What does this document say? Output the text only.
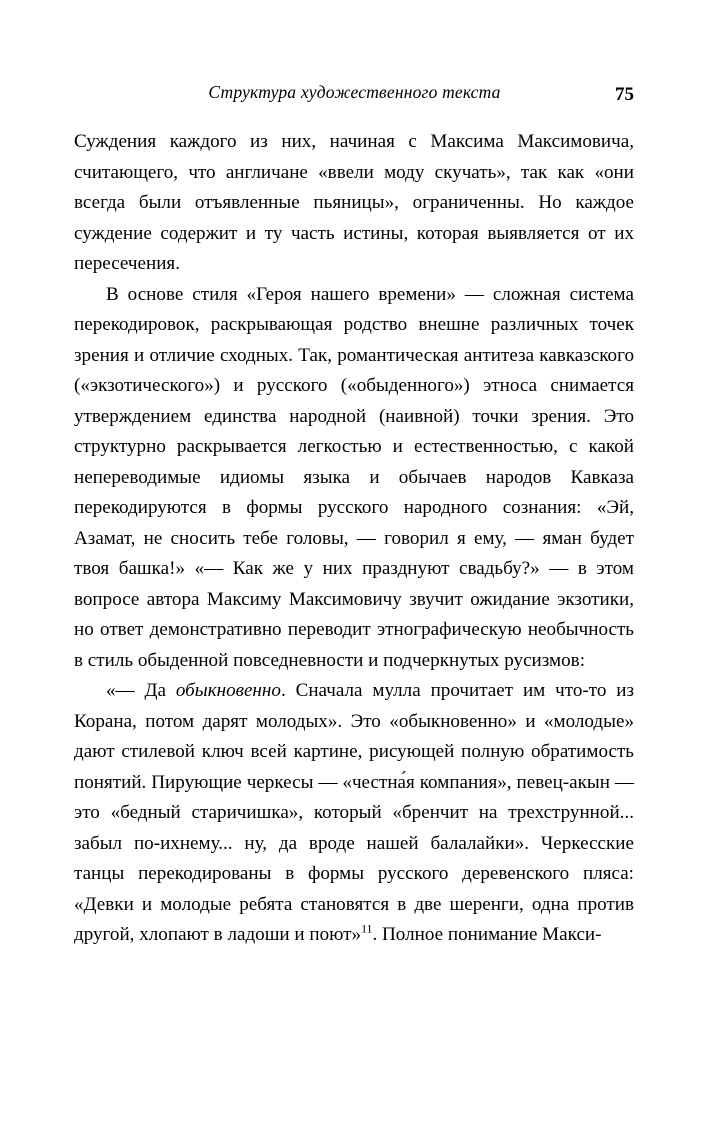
Структура художественного текста	75

Суждения каждого из них, начиная с Максима Максимовича, считающего, что англичане «ввели моду скучать», так как «они всегда были отъявленные пьяницы», ограниченны. Но каждое суждение содержит и ту часть истины, которая выявляется от их пересечения.

В основе стиля «Героя нашего времени» — сложная система перекодировок, раскрывающая родство внешне различных точек зрения и отличие сходных. Так, романтическая антитеза кавказского («экзотического») и русского («обыденного») этноса снимается утверждением единства народной (наивной) точки зрения. Это структурно раскрывается легкостью и естественностью, с какой непереводимые идиомы языка и обычаев народов Кавказа перекодируются в формы русского народного сознания: «Эй, Азамат, не сносить тебе головы, — говорил я ему, — яман будет твоя башка!» «— Как же у них празднуют свадьбу?» — в этом вопросе автора Максиму Максимовичу звучит ожидание экзотики, но ответ демонстративно переводит этнографическую необычность в стиль обыденной повседневности и подчеркнутых русизмов:

«— Да обыкновенно. Сначала мулла прочитает им что-то из Корана, потом дарят молодых». Это «обыкновенно» и «молодые» дают стилевой ключ всей картине, рисующей полную обратимость понятий. Пирующие черкесы — «честна́я компания», певец-акын — это «бедный старичишка», который «бренчит на трехструнной... забыл по-ихнему... ну, да вроде нашей балалайки». Черкесские танцы перекодированы в формы русского деревенского пляса: «Девки и молодые ребята становятся в две шеренги, одна против другой, хлопают в ладоши и поют»$^{11}$. Полное понимание Макси-
